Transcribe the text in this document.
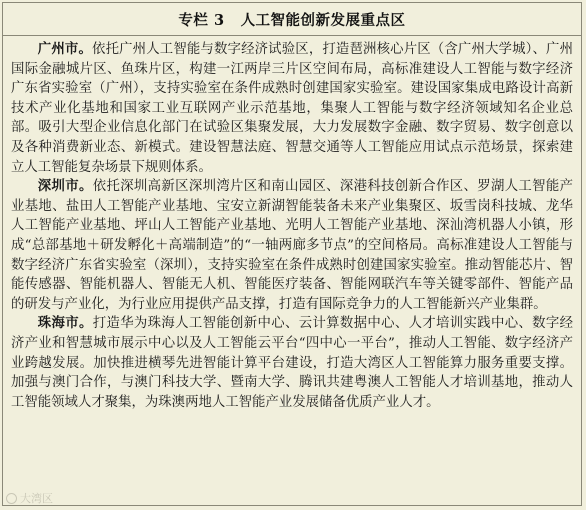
专栏 3 人工智能创新发展重点区

广州市。依托广州人工智能与数字经济试验区，打造琶洲核心片区（含广州大学城）、广州国际金融城片区、鱼珠片区，构建一江两岸三片区空间布局，高标准建设人工智能与数字经济广东省实验室（广州），支持实验室在条件成熟时创建国家实验室。建设国家集成电路设计高新技术产业化基地和国家工业互联网产业示范基地，集聚人工智能与数字经济领域知名企业总部。吸引大型企业信息化部门在试验区集聚发展，大力发展数字金融、数字贸易、数字创意以及各种消费新业态、新模式。建设智慧法庭、智慧交通等人工智能应用试点示范场景，探索建立人工智能复杂场景下规则体系。

深圳市。依托深圳高新区深圳湾片区和南山园区、深港科技创新合作区、罗湖人工智能产业基地、盐田人工智能产业基地、宝安立新湖智能装备未来产业集聚区、坂雪岗科技城、龙华人工智能产业基地、坪山人工智能产业基地、光明人工智能产业基地、深汕湾机器人小镇，形成“总部基地＋研发孵化＋高端制造”的“一轴两廊多节点”的空间格局。高标准建设人工智能与数字经济广东省实验室（深圳），支持实验室在条件成熟时创建国家实验室。推动智能芯片、智能传感器、智能机器人、智能无人机、智能医疗装备、智能网联汽车等关键零部件、智能产品的研发与产业化，为行业应用提供产品支撑，打造有国际竞争力的人工智能新兴产业集群。

珠海市。打造华为珠海人工智能创新中心、云计算数据中心、人才培训实践中心、数字经济产业和智慧城市展示中心以及人工智能云平台“四中心一平台”，推动人工智能、数字经济产业跨越发展。加快推进横琴先进智能计算平台建设，打造大湾区人工智能算力服务重要支撑。加强与澳门合作，与澳门科技大学、暨南大学、腾讯共建粤澳人工智能人才培训基地，推动人工智能领域人才聚集，为珠澳两地人工智能产业发展储备优质产业人才。

大湾区
